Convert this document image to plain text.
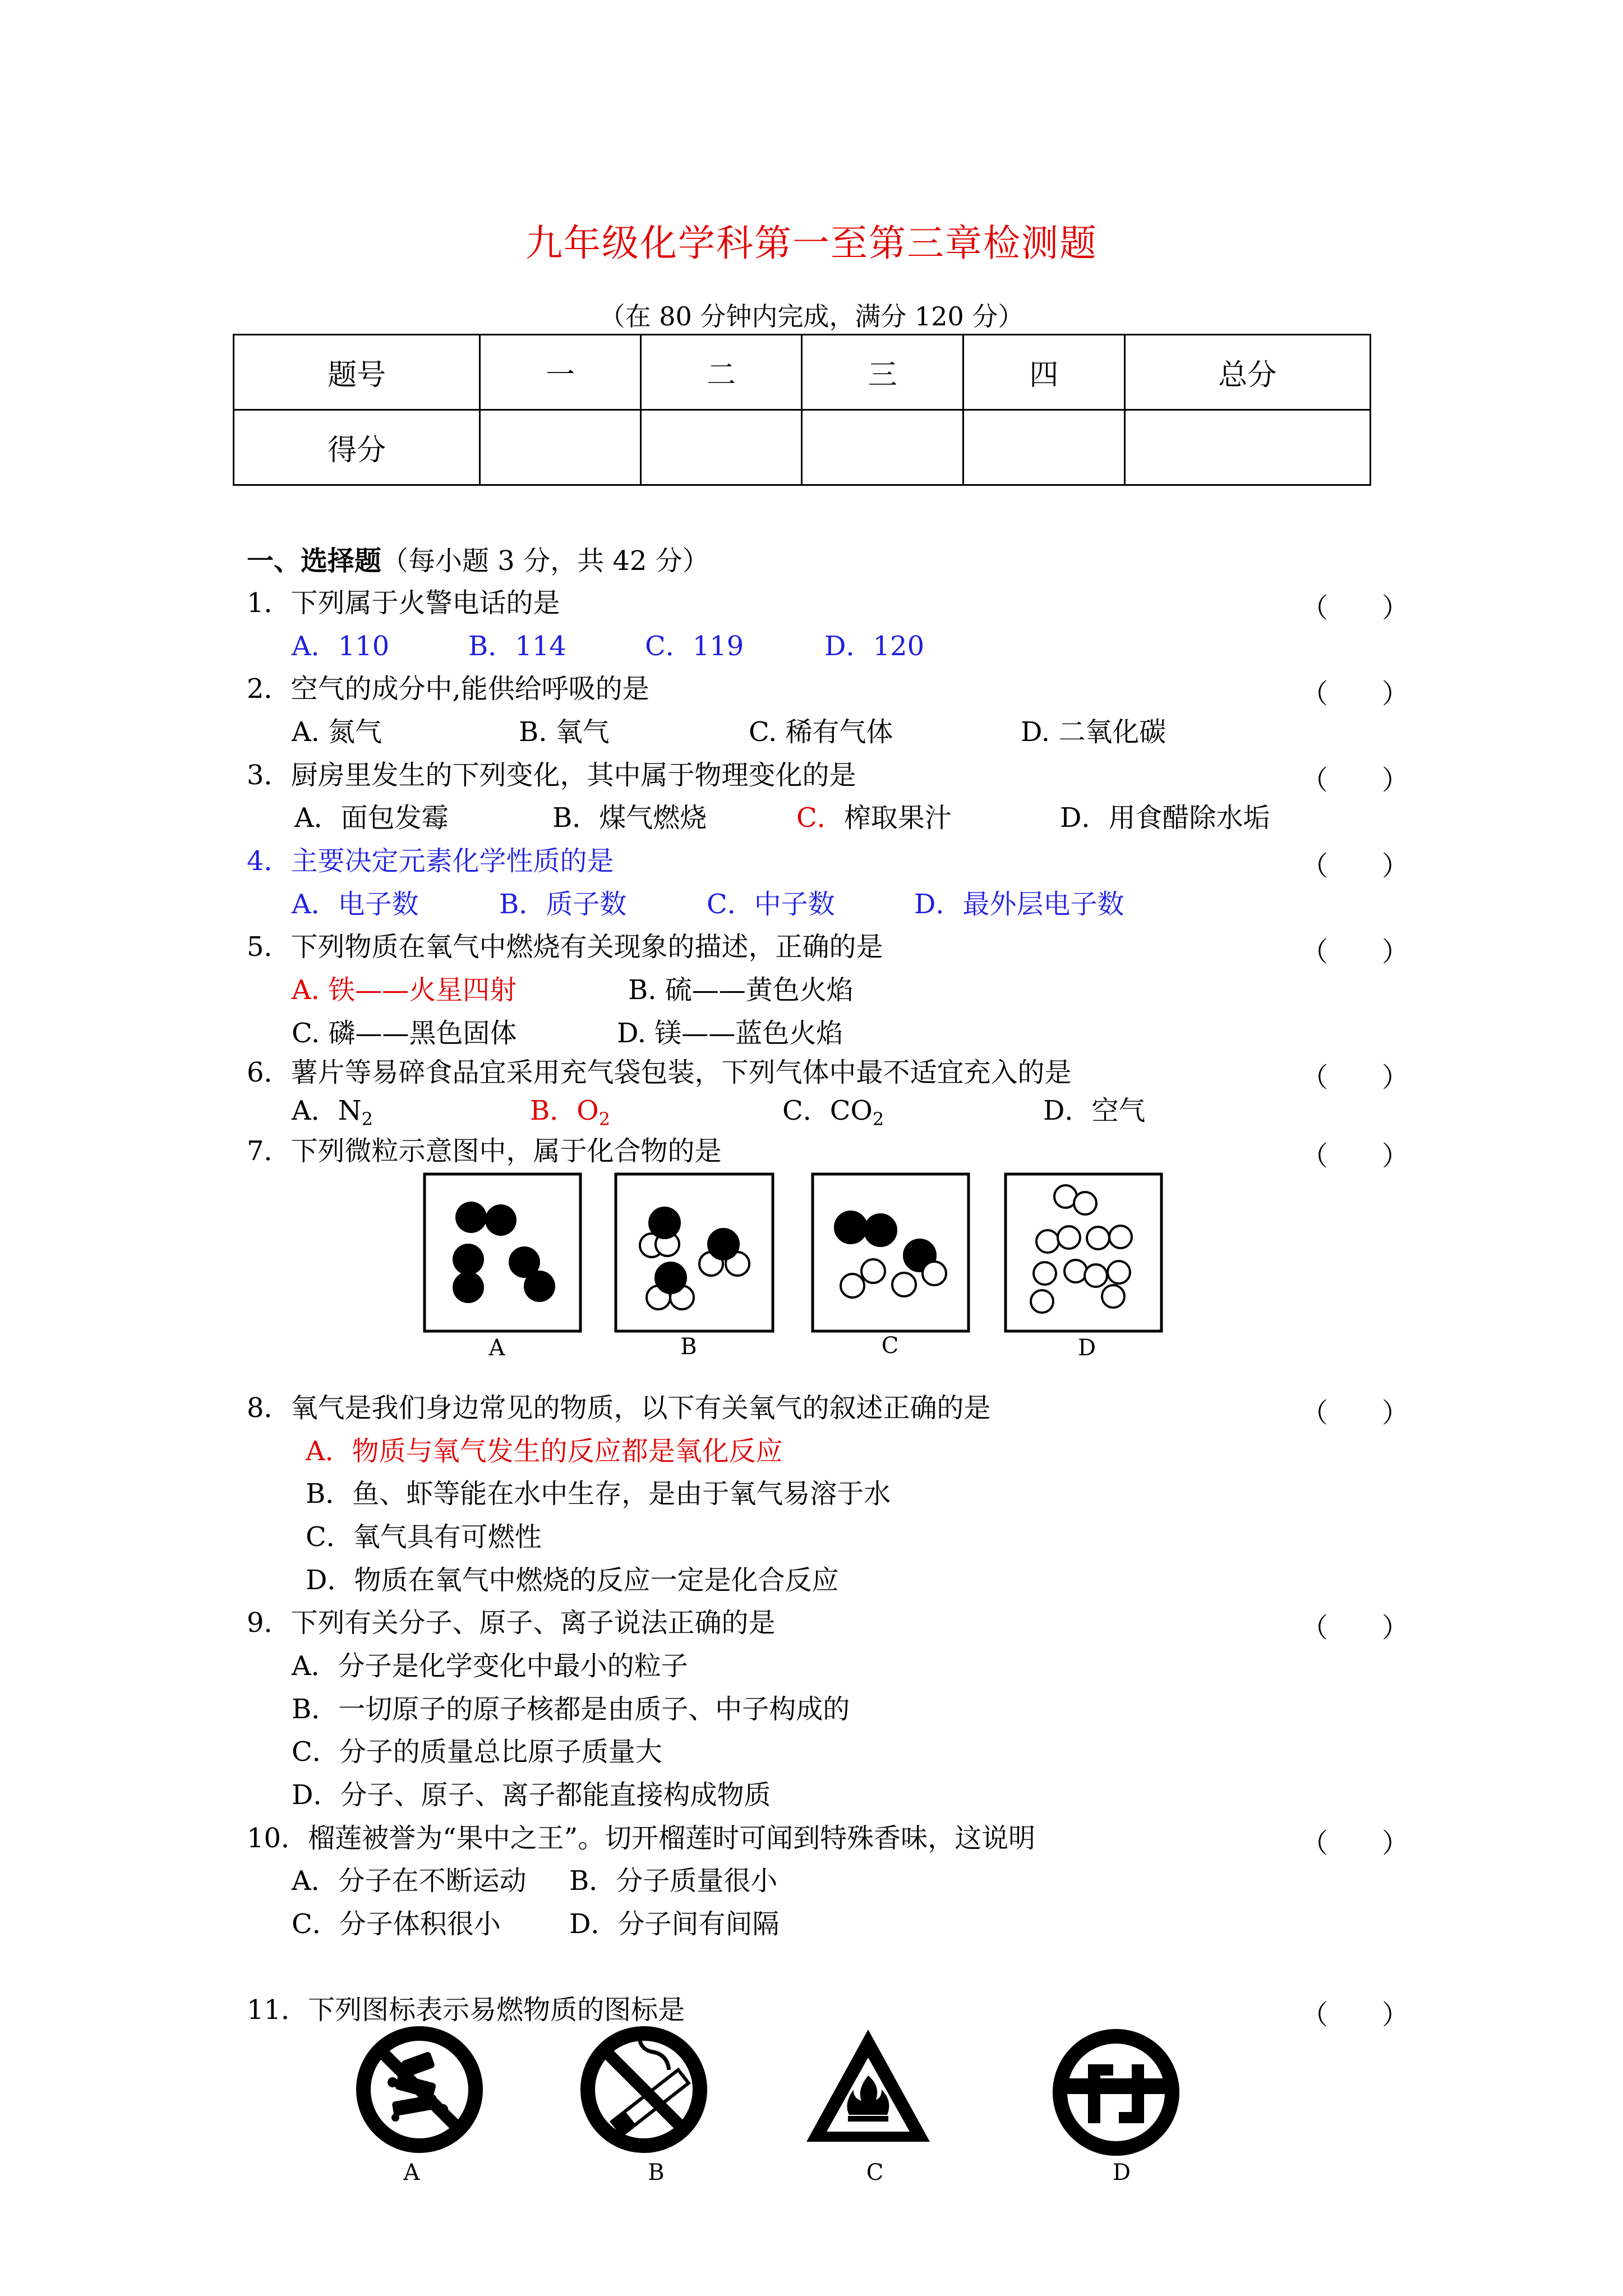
九年级化学科第一至第三章检测题
（在 80 分钟内完成，满分 120 分）
题号	一	二	三	四	总分
得分					
一、选择题（每小题 3 分，共 42 分）
1．下列属于火警电话的是	（　　）
A．110	B．114	C．119	D．120
2．空气的成分中,能供给呼吸的是	（　　）
A. 氮气	B. 氧气	C. 稀有气体	D. 二氧化碳
3．厨房里发生的下列变化，其中属于物理变化的是	（　　）
A．面包发霉	B．煤气燃烧	C．榨取果汁	D．用食醋除水垢
4．主要决定元素化学性质的是	（　　）
A．电子数	B．质子数	C．中子数	D．最外层电子数
5．下列物质在氧气中燃烧有关现象的描述，正确的是	（　　）
A. 铁——火星四射	B. 硫——黄色火焰
C. 磷——黑色固体	D. 镁——蓝色火焰
6．薯片等易碎食品宜采用充气袋包装，下列气体中最不适宜充入的是	（　　）
A．$N_2$	B．$O_2$	C．$CO_2$	D．空气
7．下列微粒示意图中，属于化合物的是	（　　）
A	B	C	D
8．氧气是我们身边常见的物质，以下有关氧气的叙述正确的是	（　　）
A．物质与氧气发生的反应都是氧化反应
B．鱼、虾等能在水中生存，是由于氧气易溶于水
C．氧气具有可燃性
D．物质在氧气中燃烧的反应一定是化合反应
9．下列有关分子、原子、离子说法正确的是	（　　）
A．分子是化学变化中最小的粒子
B．一切原子的原子核都是由质子、中子构成的
C．分子的质量总比原子质量大
D．分子、原子、离子都能直接构成物质
10．榴莲被誉为“果中之王”。切开榴莲时可闻到特殊香味，这说明	（　　）
A．分子在不断运动 B．分子质量很小
C．分子体积很小	D．分子间有间隔
11．下列图标表示易燃物质的图标是	（　　）
A	B	C	D
